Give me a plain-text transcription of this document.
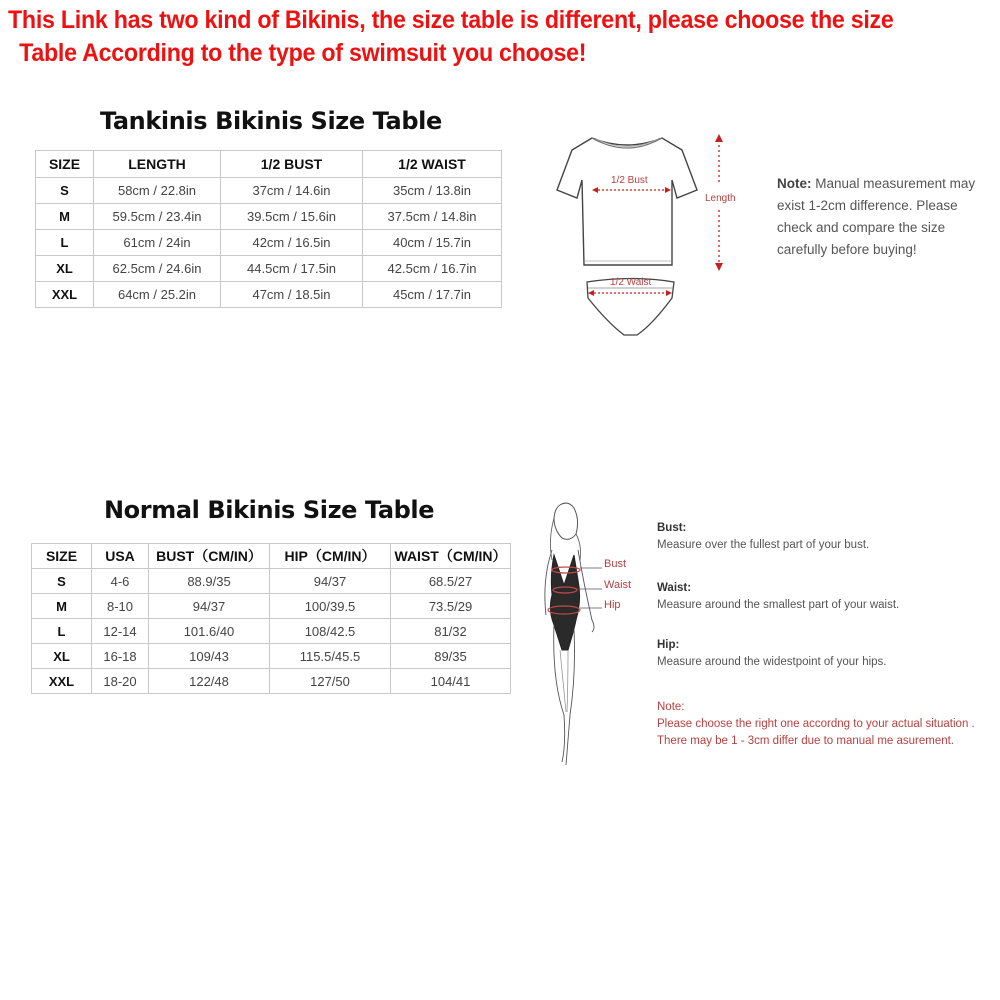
This Link has two kind of Bikinis, the size table is different, please choose the size
Table According to the type of swimsuit you choose!
Tankinis Bikinis Size Table
SIZE	LENGTH	1/2 BUST	1/2 WAIST
S	58cm / 22.8in	37cm / 14.6in	35cm / 13.8in
M	59.5cm / 23.4in	39.5cm / 15.6in	37.5cm / 14.8in
L	61cm / 24in	42cm / 16.5in	40cm / 15.7in
XL	62.5cm / 24.6in	44.5cm / 17.5in	42.5cm / 16.7in
XXL	64cm / 25.2in	47cm / 18.5in	45cm / 17.7in
1/2 Bust
Length
1/2 Waist
Note: Manual measurement may exist 1-2cm difference. Please check and compare the size carefully before buying!
Normal Bikinis Size Table
SIZE	USA	BUST（CM/IN）	HIP（CM/IN）	WAIST（CM/IN）
S	4-6	88.9/35	94/37	68.5/27
M	8-10	94/37	100/39.5	73.5/29
L	12-14	101.6/40	108/42.5	81/32
XL	16-18	109/43	115.5/45.5	89/35
XXL	18-20	122/48	127/50	104/41
Bust
Waist
Hip
Bust:
Measure over the fullest part of your bust.
Waist:
Measure around the smallest part of your waist.
Hip:
Measure around the widestpoint of your hips.
Note:
Please choose the right one accordng to your actual situation .
There may be 1 - 3cm differ due to manual me asurement.
